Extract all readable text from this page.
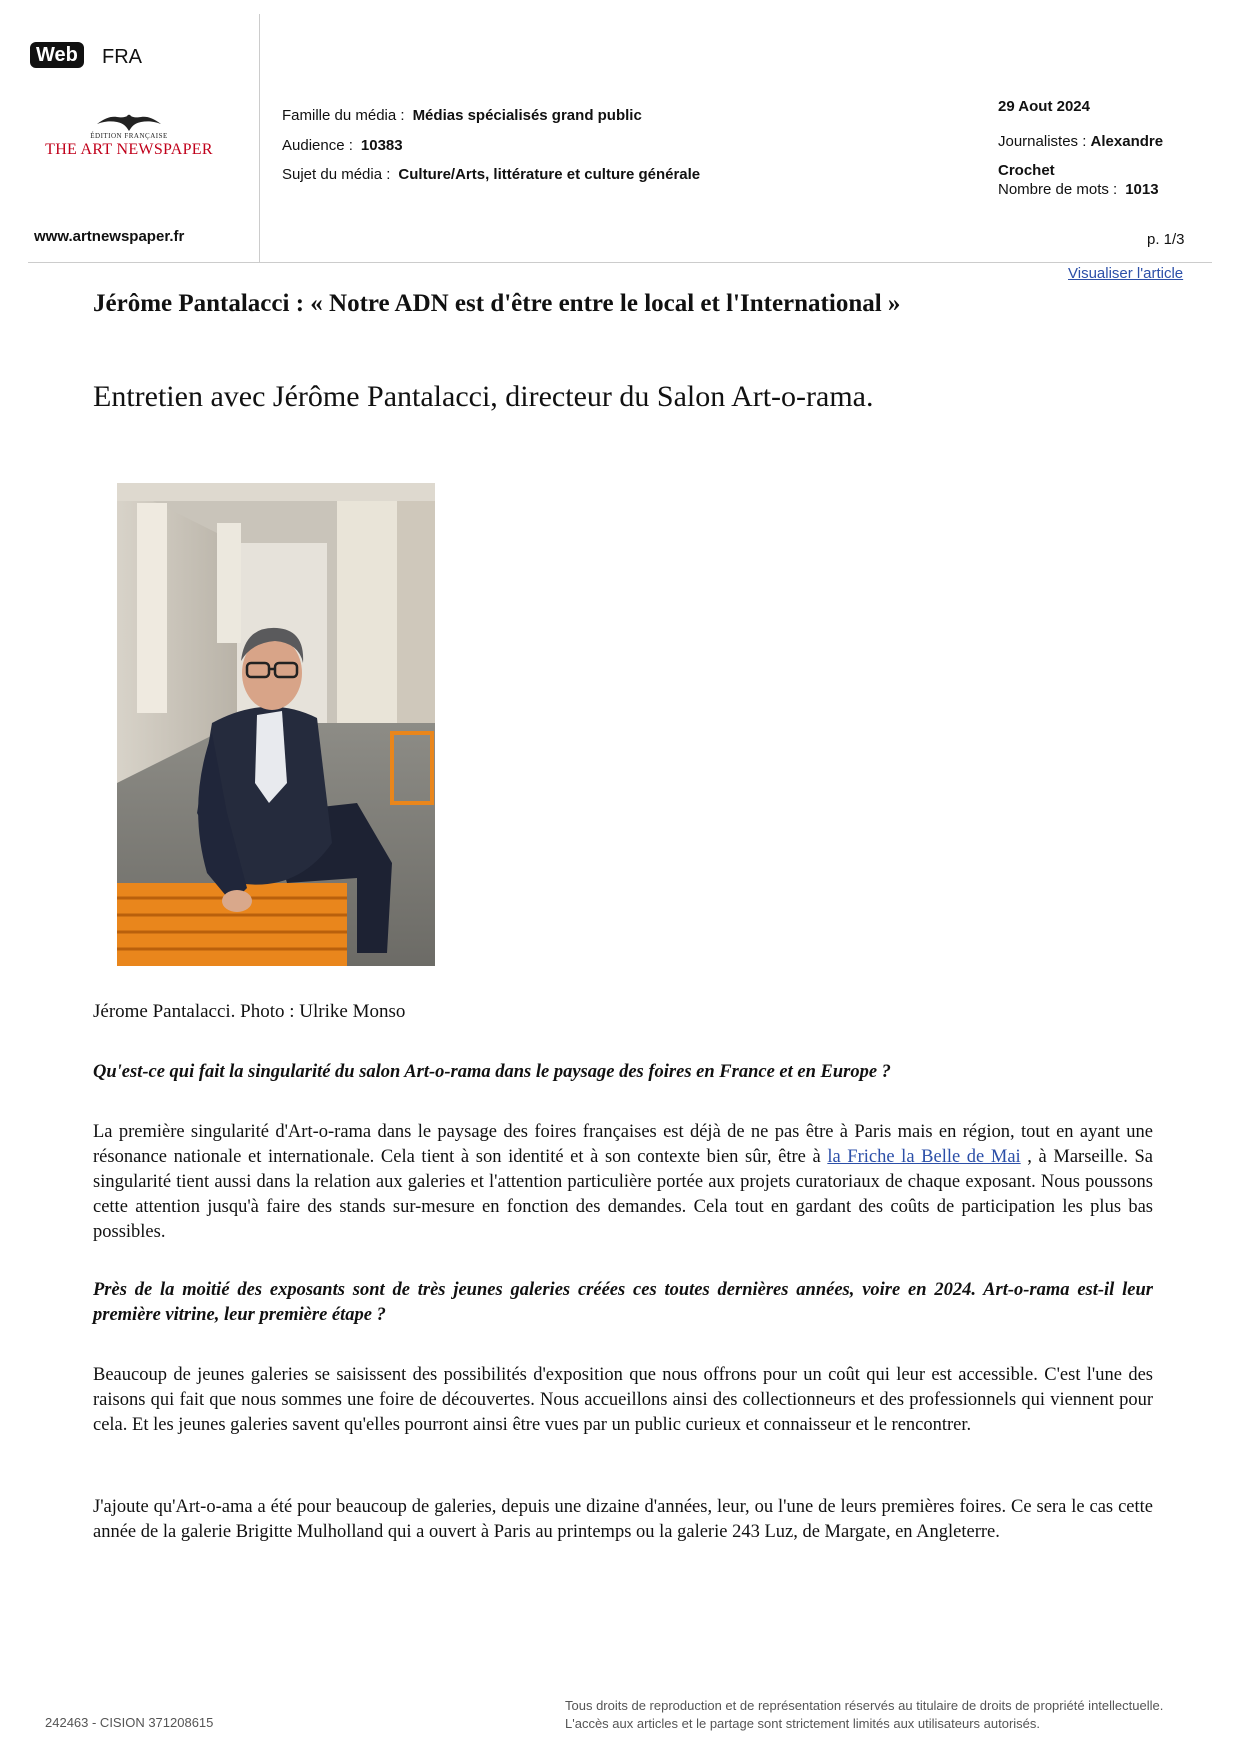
Web	FRA
ÉDITION FRANÇAISE
THE ART NEWSPAPER
www.artnewspaper.fr
Famille du média : Médias spécialisés grand public
Audience : 10383
Sujet du média : Culture/Arts, littérature et culture générale
29 Aout 2024
Journalistes : Alexandre
Crochet
Nombre de mots : 1013
p. 1/3
Visualiser l'article
Jérôme Pantalacci : « Notre ADN est d'être entre le local et l'International »
Entretien avec Jérôme Pantalacci, directeur du Salon Art-o-rama.
Jérome Pantalacci. Photo : Ulrike Monso

Qu'est-ce qui fait la singularité du salon Art-o-rama dans le paysage des foires en France et en Europe ?

La première singularité d'Art-o-rama dans le paysage des foires françaises est déjà de ne pas être à Paris mais en région, tout en ayant une résonance nationale et internationale. Cela tient à son identité et à son contexte bien sûr, être à la Friche la Belle de Mai , à Marseille. Sa singularité tient aussi dans la relation aux galeries et l'attention particulière portée aux projets curatoriaux de chaque exposant. Nous poussons cette attention jusqu'à faire des stands sur-mesure en fonction des demandes. Cela tout en gardant des coûts de participation les plus bas possibles.

Près de la moitié des exposants sont de très jeunes galeries créées ces toutes dernières années, voire en 2024. Art-o-rama est-il leur première vitrine, leur première étape ?

Beaucoup de jeunes galeries se saisissent des possibilités d'exposition que nous offrons pour un coût qui leur est accessible. C'est l'une des raisons qui fait que nous sommes une foire de découvertes. Nous accueillons ainsi des collectionneurs et des professionnels qui viennent pour cela. Et les jeunes galeries savent qu'elles pourront ainsi être vues par un public curieux et connaisseur et le rencontrer.

J'ajoute qu'Art-o-ama a été pour beaucoup de galeries, depuis une dizaine d'années, leur, ou l'une de leurs premières foires. Ce sera le cas cette année de la galerie Brigitte Mulholland qui a ouvert à Paris au printemps ou la galerie 243 Luz, de Margate, en Angleterre.

242463 - CISION 371208615
Tous droits de reproduction et de représentation réservés au titulaire de droits de propriété intellectuelle.
L'accès aux articles et le partage sont strictement limités aux utilisateurs autorisés.
